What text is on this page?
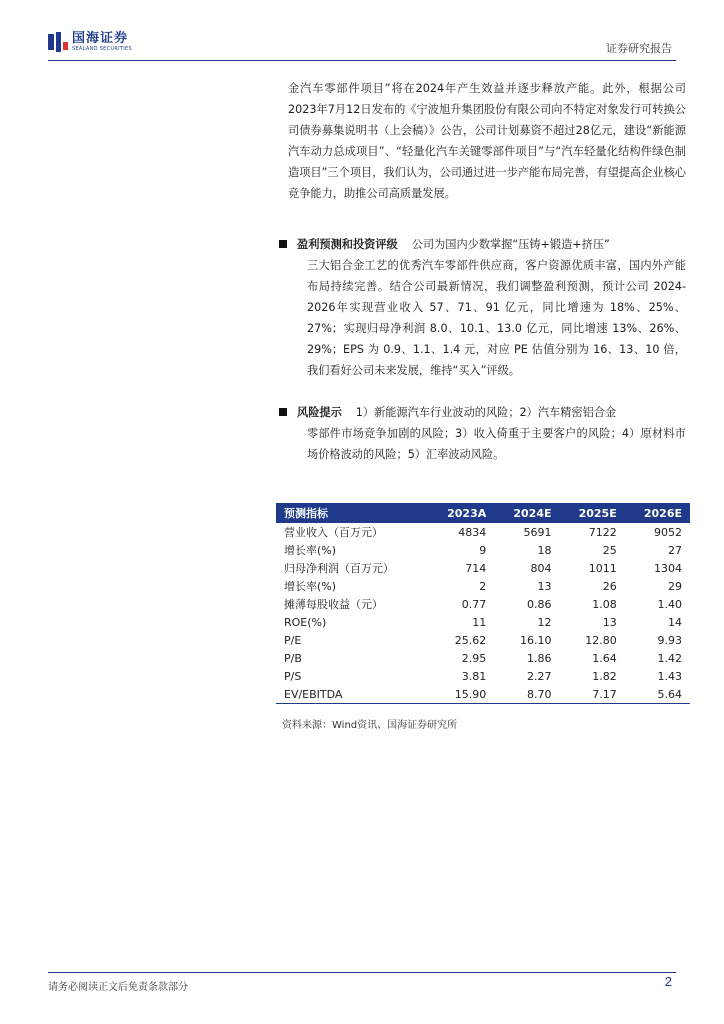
国海证券
SEALAND SECURITIES	证券研究报告
金汽车零部件项目”将在2024年产生效益并逐步释放产能。此外，根据公司2023年7月12日发布的《宁波旭升集团股份有限公司向不特定对象发行可转换公司债券募集说明书（上会稿）》公告，公司计划募资不超过28亿元，建设“新能源汽车动力总成项目”、“轻量化汽车关键零部件项目”与“汽车轻量化结构件绿色制造项目”三个项目，我们认为，公司通过进一步产能布局完善，有望提高企业核心竞争能力，助推公司高质量发展。
盈利预测和投资评级 公司为国内少数掌握“压铸+锻造+挤压”
三大铝合金工艺的优秀汽车零部件供应商，客户资源优质丰富，国内外产能布局持续完善。结合公司最新情况，我们调整盈利预测，预计公司 2024-2026年实现营业收入 57、71、91 亿元，同比增速为 18%、25%、27%；实现归母净利润 8.0、10.1、13.0 亿元，同比增速 13%、26%、29%；EPS 为 0.9、1.1、1.4 元，对应 PE 估值分别为 16、13、10 倍，我们看好公司未来发展，维持“买入”评级。
风险提示 1）新能源汽车行业波动的风险；2）汽车精密铝合金
零部件市场竞争加剧的风险；3）收入倚重于主要客户的风险；4）原材料市场价格波动的风险；5）汇率波动风险。
预测指标	2023A	2024E	2025E	2026E
营业收入（百万元）	4834	5691	7122	9052
增长率(%)	9	18	25	27
归母净利润（百万元）	714	804	1011	1304
增长率(%)	2	13	26	29
摊薄每股收益（元）	0.77	0.86	1.08	1.40
ROE(%)	11	12	13	14
P/E	25.62	16.10	12.80	9.93
P/B	2.95	1.86	1.64	1.42
P/S	3.81	2.27	1.82	1.43
EV/EBITDA	15.90	8.70	7.17	5.64
资料来源：Wind资讯、国海证券研究所
请务必阅读正文后免责条款部分	2
